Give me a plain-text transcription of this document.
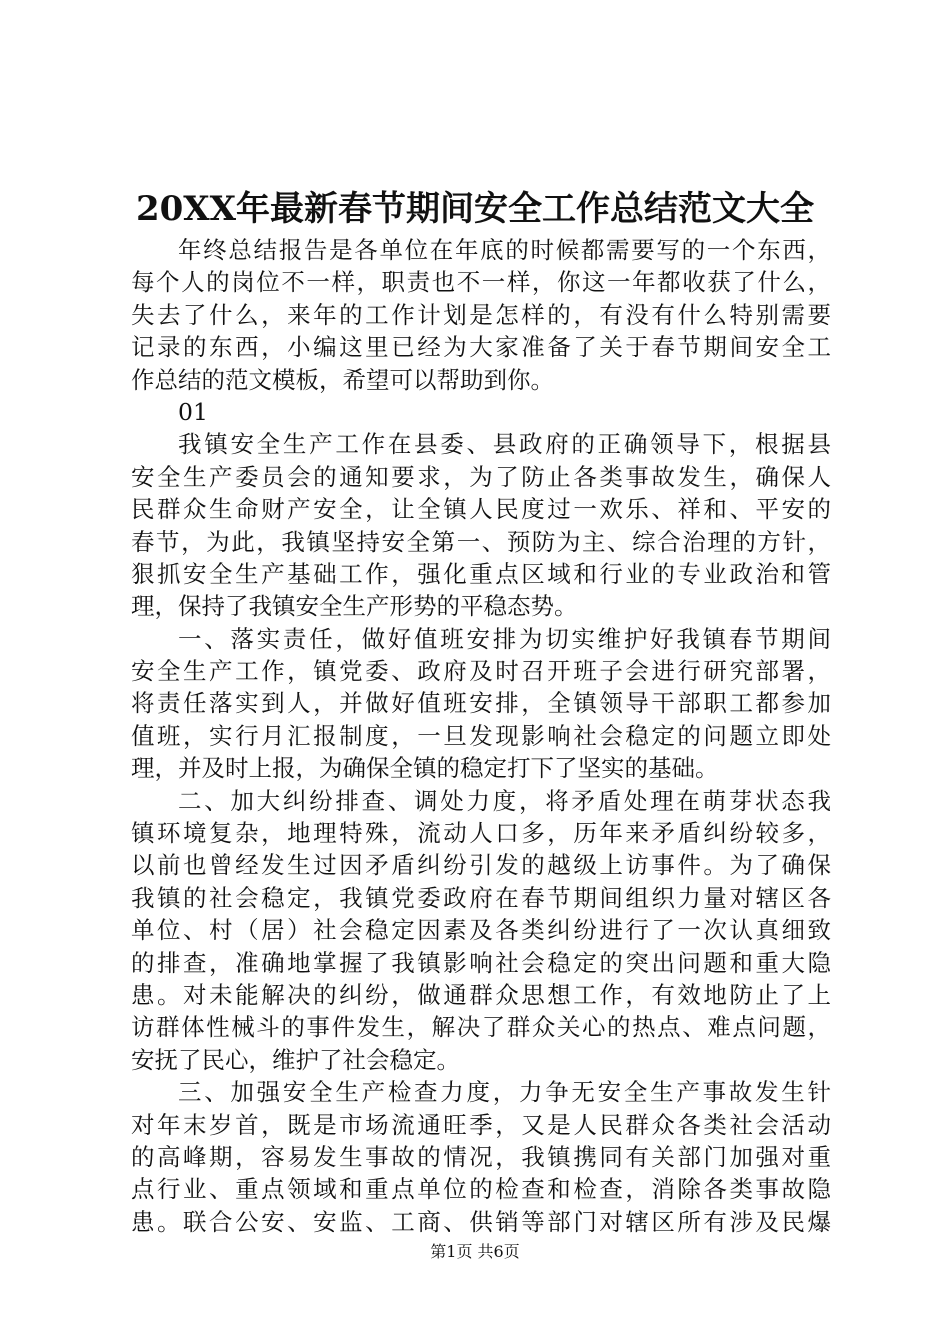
20XX年最新春节期间安全工作总结范文大全
年终总结报告是各单位在年底的时候都需要写的一个东西，
每个人的岗位不一样，职责也不一样，你这一年都收获了什么，
失去了什么，来年的工作计划是怎样的，有没有什么特别需要
记录的东西，小编这里已经为大家准备了关于春节期间安全工
作总结的范文模板，希望可以帮助到你。
01
我镇安全生产工作在县委、县政府的正确领导下，根据县
安全生产委员会的通知要求，为了防止各类事故发生，确保人
民群众生命财产安全，让全镇人民度过一欢乐、祥和、平安的
春节，为此，我镇坚持安全第一、预防为主、综合治理的方针，
狠抓安全生产基础工作，强化重点区域和行业的专业政治和管
理，保持了我镇安全生产形势的平稳态势。
一、落实责任，做好值班安排为切实维护好我镇春节期间
安全生产工作，镇党委、政府及时召开班子会进行研究部署，
将责任落实到人，并做好值班安排，全镇领导干部职工都参加
值班，实行月汇报制度，一旦发现影响社会稳定的问题立即处
理，并及时上报，为确保全镇的稳定打下了坚实的基础。
二、加大纠纷排查、调处力度，将矛盾处理在萌芽状态我
镇环境复杂，地理特殊，流动人口多，历年来矛盾纠纷较多，
以前也曾经发生过因矛盾纠纷引发的越级上访事件。为了确保
我镇的社会稳定，我镇党委政府在春节期间组织力量对辖区各
单位、村（居）社会稳定因素及各类纠纷进行了一次认真细致
的排查，准确地掌握了我镇影响社会稳定的突出问题和重大隐
患。对未能解决的纠纷，做通群众思想工作，有效地防止了上
访群体性械斗的事件发生，解决了群众关心的热点、难点问题，
安抚了民心，维护了社会稳定。
三、加强安全生产检查力度，力争无安全生产事故发生针
对年末岁首，既是市场流通旺季，又是人民群众各类社会活动
的高峰期，容易发生事故的情况，我镇携同有关部门加强对重
点行业、重点领域和重点单位的检查和检查，消除各类事故隐
患。联合公安、安监、工商、供销等部门对辖区所有涉及民爆
第1页 共6页
